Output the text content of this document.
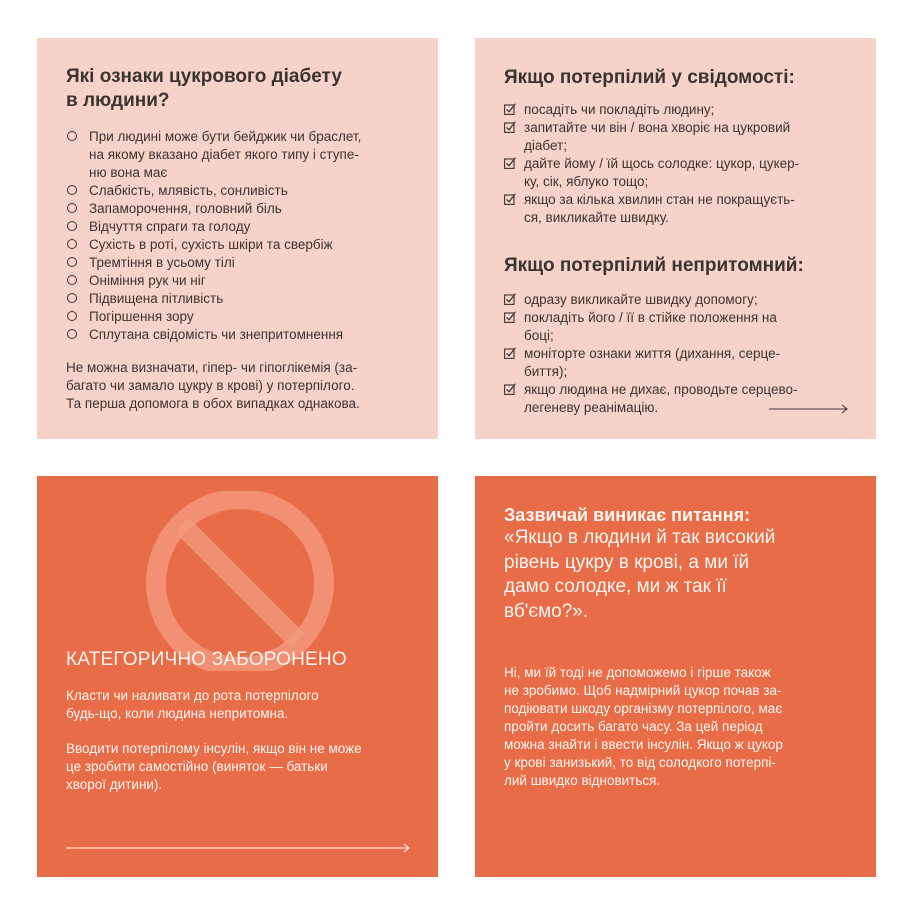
Які ознаки цукрового діабету
в людини?
При людині може бути бейджик чи браслет,
на якому вказано діабет якого типу і ступе-
ню вона має
Слабкість, млявість, сонливість
Запаморочення, головний біль
Відчуття спраги та голоду
Сухість в роті, сухість шкіри та свербіж
Тремтіння в усьому тілі
Оніміння рук чи ніг
Підвищена пітливість
Погіршення зору
Сплутана свідомість чи знепритомнення

Не можна визначати, гіпер- чи гіпоглікемія (за-
багато чи замало цукру в крові) у потерпілого.
Та перша допомога в обох випадках однакова.

Якщо потерпілий у свідомості:
посадіть чи покладіть людину;
запитайте чи він / вона хворіє на цукровий
діабет;
дайте йому / їй щось солодке: цукор, цукер-
ку, сік, яблуко тощо;
якщо за кілька хвилин стан не покращуєть-
ся, викликайте швидку.
Якщо потерпілий непритомний:
одразу викликайте швидку допомогу;
покладіть його / її в стійке положення на
боці;
моніторте ознаки життя (дихання, серце-
биття);
якщо людина не дихає, проводьте серцево-
легеневу реанімацію.
КАТЕГОРИЧНО ЗАБОРОНЕНО

Класти чи наливати до рота потерпілого
будь-що, коли людина непритомна.

Вводити потерпілому інсулін, якщо він не може
це зробити самостійно (виняток — батьки
хворої дитини).

Зазвичай виникає питання:

«Якщо в людини й так високий
рівень цукру в крові, а ми їй
дамо солодке, ми ж так її
вб'ємо?».

Ні, ми їй тоді не допоможемо і гірше також
не зробимо. Щоб надмірний цукор почав за-
подіювати шкоду організму потерпілого, має
пройти досить багато часу. За цей період
можна знайти і ввести інсулін. Якщо ж цукор
у крові занизький, то від солодкого потерпі-
лий швидко відновиться.
